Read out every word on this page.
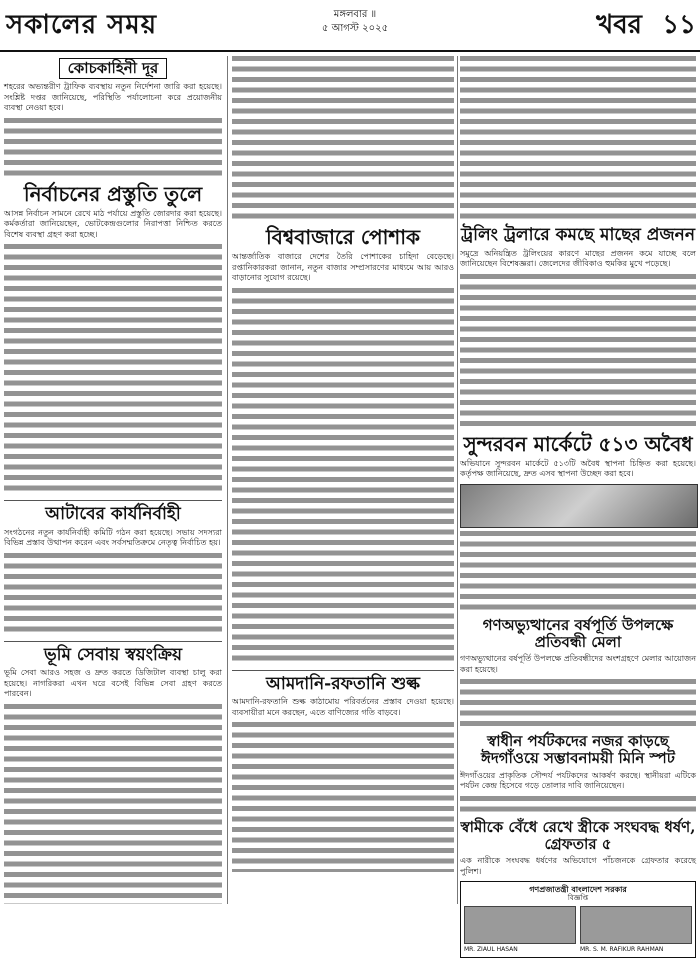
সকালের সময়	মঙ্গলবার ॥
৫ আগস্ট ২০২৫	খবর ১১
কোচকাহিনী দূর

শহরের অভ্যন্তরীণ ট্রাফিক ব্যবস্থায় নতুন নির্দেশনা জারি করা হয়েছে। সংশ্লিষ্ট দপ্তর জানিয়েছে, পরিস্থিতি পর্যালোচনা করে প্রয়োজনীয় ব্যবস্থা নেওয়া হবে।

নির্বাচনের প্রস্তুতি তুলে

আসন্ন নির্বাচন সামনে রেখে মাঠ পর্যায়ে প্রস্তুতি জোরদার করা হয়েছে। কর্মকর্তারা জানিয়েছেন, ভোটকেন্দ্রগুলোর নিরাপত্তা নিশ্চিত করতে বিশেষ ব্যবস্থা গ্রহণ করা হচ্ছে।

আটাবের কার্যনির্বাহী

সংগঠনের নতুন কার্যনির্বাহী কমিটি গঠন করা হয়েছে। সভায় সদস্যরা বিভিন্ন প্রস্তাব উত্থাপন করেন এবং সর্বসম্মতিক্রমে নেতৃত্ব নির্বাচিত হয়।

ভূমি সেবায় স্বয়ংক্রিয়

ভূমি সেবা আরও সহজ ও দ্রুত করতে ডিজিটাল ব্যবস্থা চালু করা হয়েছে। নাগরিকরা এখন ঘরে বসেই বিভিন্ন সেবা গ্রহণ করতে পারবেন।

বিশ্ববাজারে পোশাক

আন্তর্জাতিক বাজারে দেশের তৈরি পোশাকের চাহিদা বেড়েছে। রপ্তানিকারকরা জানান, নতুন বাজার সম্প্রসারণের মাধ্যমে আয় আরও বাড়ানোর সুযোগ রয়েছে।

আমদানি-রফতানি শুল্ক

আমদানি-রফতানি শুল্ক কাঠামোয় পরিবর্তনের প্রস্তাব দেওয়া হয়েছে। ব্যবসায়ীরা মনে করছেন, এতে বাণিজ্যের গতি বাড়বে।

ট্রলিং ট্রলারে কমছে মাছের প্রজনন

সমুদ্রে অনিয়ন্ত্রিত ট্রলিংয়ের কারণে মাছের প্রজনন কমে যাচ্ছে বলে জানিয়েছেন বিশেষজ্ঞরা। জেলেদের জীবিকাও হুমকির মুখে পড়েছে।

সুন্দরবন মার্কেটে ৫১৩ অবৈধ

অভিযানে সুন্দরবন মার্কেটে ৫১৩টি অবৈধ স্থাপনা চিহ্নিত করা হয়েছে। কর্তৃপক্ষ জানিয়েছে, দ্রুত এসব স্থাপনা উচ্ছেদ করা হবে।

গণঅভ্যুত্থানের বর্ষপূর্তি উপলক্ষে প্রতিবন্ধী মেলা

গণঅভ্যুত্থানের বর্ষপূর্তি উপলক্ষে প্রতিবন্ধীদের অংশগ্রহণে মেলার আয়োজন করা হয়েছে।

স্বাধীন পর্যটকদের নজর কাড়ছে ঈদগাঁওয়ে সম্ভাবনাময়ী মিনি স্পট

ঈদগাঁওয়ের প্রাকৃতিক সৌন্দর্য পর্যটকদের আকর্ষণ করছে। স্থানীয়রা এটিকে পর্যটন কেন্দ্র হিসেবে গড়ে তোলার দাবি জানিয়েছেন।

স্বামীকে বেঁধে রেখে স্ত্রীকে সংঘবদ্ধ ধর্ষণ, গ্রেফতার ৫

এক নারীকে সংঘবদ্ধ ধর্ষণের অভিযোগে পাঁচজনকে গ্রেফতার করেছে পুলিশ।

গণপ্রজাতন্ত্রী বাংলাদেশ সরকার
বিজ্ঞপ্তি
MR. ZIAUL HASAN	MR. S. M. RAFIKUR RAHMAN
